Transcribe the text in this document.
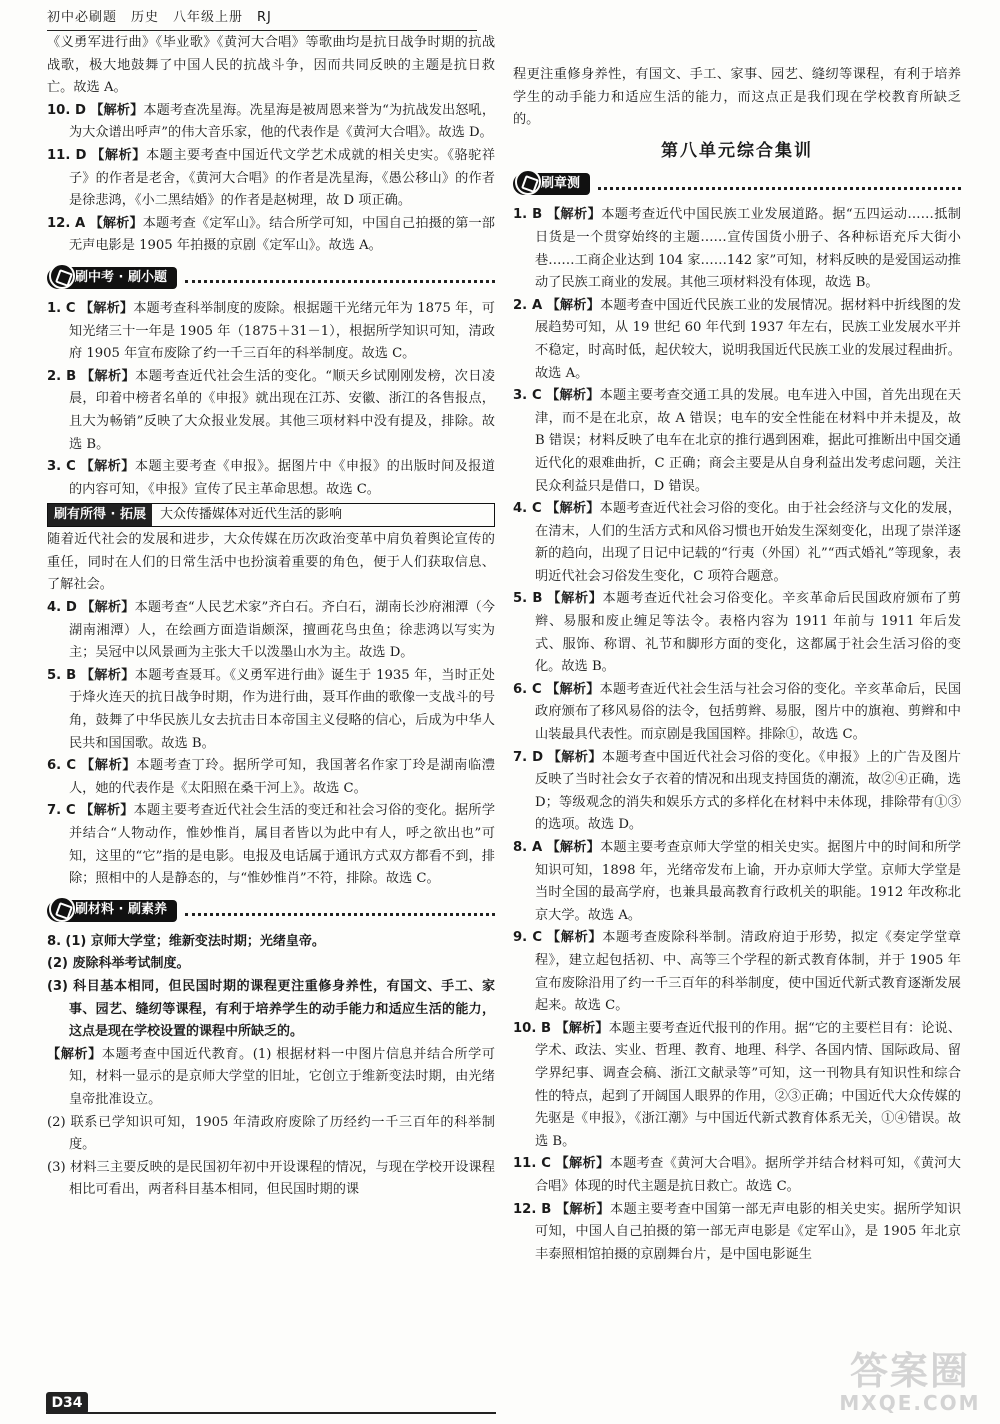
初中必刷题　历史　八年级上册　RJ

《义勇军进行曲》《毕业歌》《黄河大合唱》等歌曲均是抗日战争时期的抗战战歌，极大地鼓舞了中国人民的抗战斗争，因而共同反映的主题是抗日救亡。故选 A。

10. D 【解析】本题考查冼星海。冼星海是被周恩来誉为“为抗战发出怒吼，为大众谱出呼声”的伟大音乐家，他的代表作是《黄河大合唱》。故选 D。
11. D 【解析】本题主要考查中国近代文学艺术成就的相关史实。《骆驼祥子》的作者是老舍，《黄河大合唱》的作者是冼星海，《愚公移山》的作者是徐悲鸿，《小二黑结婚》的作者是赵树理，故 D 项正确。
12. A 【解析】本题考查《定军山》。结合所学可知，中国自己拍摄的第一部无声电影是 1905 年拍摄的京剧《定军山》。故选 A。
刷中考 · 刷小题
1. C 【解析】本题考查科举制度的废除。根据题干光绪元年为 1875 年，可知光绪三十一年是 1905 年（1875＋31－1），根据所学知识可知，清政府 1905 年宣布废除了约一千三百年的科举制度。故选 C。
2. B 【解析】本题考查近代社会生活的变化。“顺天乡试刚刚发榜，次日凌晨，印着中榜者名单的《申报》就出现在江苏、安徽、浙江的各售报点，且大为畅销”反映了大众报业发展。其他三项材料中没有提及，排除。故选 B。
3. C 【解析】本题主要考查《申报》。据图片中《申报》的出版时间及报道的内容可知，《申报》宣传了民主革命思想。故选 C。
刷有所得 · 拓展	大众传播媒体对近代生活的影响

随着近代社会的发展和进步，大众传媒在历次政治变革中肩负着舆论宣传的重任，同时在人们的日常生活中也扮演着重要的角色，便于人们获取信息、了解社会。

4. D 【解析】本题考查“人民艺术家”齐白石。齐白石，湖南长沙府湘潭（今湖南湘潭）人，在绘画方面造诣颇深，擅画花鸟虫鱼；徐悲鸿以写实为主；吴冠中以风景画为主张大千以泼墨山水为主。故选 D。
5. B 【解析】本题考查聂耳。《义勇军进行曲》诞生于 1935 年，当时正处于烽火连天的抗日战争时期，作为进行曲，聂耳作曲的歌像一支战斗的号角，鼓舞了中华民族儿女去抗击日本帝国主义侵略的信心，后成为中华人民共和国国歌。故选 B。
6. C 【解析】本题考查丁玲。据所学可知，我国著名作家丁玲是湖南临澧人，她的代表作是《太阳照在桑干河上》。故选 C。
7. C 【解析】本题主要考查近代社会生活的变迁和社会习俗的变化。据所学并结合“人物动作，惟妙惟肖，属目者皆以为此中有人，呼之欲出也”可知，这里的“它”指的是电影。电报及电话属于通讯方式双方都看不到，排除；照相中的人是静态的，与“惟妙惟肖”不符，排除。故选 C。
刷材料 · 刷素养
8. (1) 京师大学堂；维新变法时期；光绪皇帝。
(2) 废除科举考试制度。
(3) 科目基本相同，但民国时期的课程更注重修身养性，有国文、手工、家事、园艺、缝纫等课程，有利于培养学生的动手能力和适应生活的能力，这点是现在学校设置的课程中所缺乏的。
【解析】本题考查中国近代教育。(1) 根据材料一中图片信息并结合所学可知，材料一显示的是京师大学堂的旧址，它创立于维新变法时期，由光绪皇帝批准设立。
(2) 联系已学知识可知，1905 年清政府废除了历经约一千三百年的科举制度。
(3) 材料三主要反映的是民国初年初中开设课程的情况，与现在学校开设课程相比可看出，两者科目基本相同，但民国时期的课

程更注重修身养性，有国文、手工、家事、园艺、缝纫等课程，有利于培养学生的动手能力和适应生活的能力，而这点正是我们现在学校教育所缺乏的。

第八单元综合集训
刷章测
1. B 【解析】本题考查近代中国民族工业发展道路。据“五四运动……抵制日货是一个贯穿始终的主题……宣传国货小册子、各种标语充斥大街小巷……工商企业达到 104 家……142 家”可知，材料反映的是爱国运动推动了民族工商业的发展。其他三项材料没有体现，故选 B。
2. A 【解析】本题考查中国近代民族工业的发展情况。据材料中折线图的发展趋势可知，从 19 世纪 60 年代到 1937 年左右，民族工业发展水平并不稳定，时高时低，起伏较大，说明我国近代民族工业的发展过程曲折。故选 A。
3. C 【解析】本题主要考查交通工具的发展。电车进入中国，首先出现在天津，而不是在北京，故 A 错误；电车的安全性能在材料中并未提及，故 B 错误；材料反映了电车在北京的推行遇到困难，据此可推断出中国交通近代化的艰难曲折，C 正确；商会主要是从自身利益出发考虑问题，关注民众利益只是借口，D 错误。
4. C 【解析】本题考查近代社会习俗的变化。由于社会经济与文化的发展，在清末，人们的生活方式和风俗习惯也开始发生深刻变化，出现了崇洋逐新的趋向，出现了日记中记载的“行夷（外国）礼”“西式婚礼”等现象，表明近代社会习俗发生变化，C 项符合题意。
5. B 【解析】本题考查近代社会习俗变化。辛亥革命后民国政府颁布了剪辫、易服和废止缠足等法令。表格内容为 1911 年前与 1911 年后发式、服饰、称谓、礼节和脚形方面的变化，这都属于社会生活习俗的变化。故选 B。
6. C 【解析】本题考查近代社会生活与社会习俗的变化。辛亥革命后，民国政府颁布了移风易俗的法令，包括剪辫、易服，图片中的旗袍、剪辫和中山装最具代表性。而京剧是我国国粹。排除①，故选 C。
7. D 【解析】本题考查中国近代社会习俗的变化。《申报》上的广告及图片反映了当时社会女子衣着的情况和出现支持国货的潮流，故②④正确，选 D；等级观念的消失和娱乐方式的多样化在材料中未体现，排除带有①③的选项。故选 D。
8. A 【解析】本题主要考查京师大学堂的相关史实。据图片中的时间和所学知识可知，1898 年，光绪帝发布上谕，开办京师大学堂。京师大学堂是当时全国的最高学府，也兼具最高教育行政机关的职能。1912 年改称北京大学。故选 A。
9. C 【解析】本题考查废除科举制。清政府迫于形势，拟定《奏定学堂章程》，建立起包括初、中、高等三个学程的新式教育体制，并于 1905 年宣布废除沿用了约一千三百年的科举制度，使中国近代新式教育逐渐发展起来。故选 C。
10. B 【解析】本题主要考查近代报刊的作用。据“它的主要栏目有：论说、学术、政法、实业、哲理、教育、地理、科学、各国内情、国际政局、留学界纪事、调查会稿、浙江文献录等”可知，这一刊物具有知识性和综合性的特点，起到了开阔国人眼界的作用，②③正确；中国近代大众传媒的先驱是《申报》，《浙江潮》与中国近代新式教育体系无关，①④错误。故选 B。
11. C 【解析】本题考查《黄河大合唱》。据所学并结合材料可知，《黄河大合唱》体现的时代主题是抗日救亡。故选 C。
12. B 【解析】本题主要考查中国第一部无声电影的相关史实。据所学知识可知，中国人自己拍摄的第一部无声电影是《定军山》，是 1905 年北京丰泰照相馆拍摄的京剧舞台片，是中国电影诞生
D34
答案圈
MXQE.COM
